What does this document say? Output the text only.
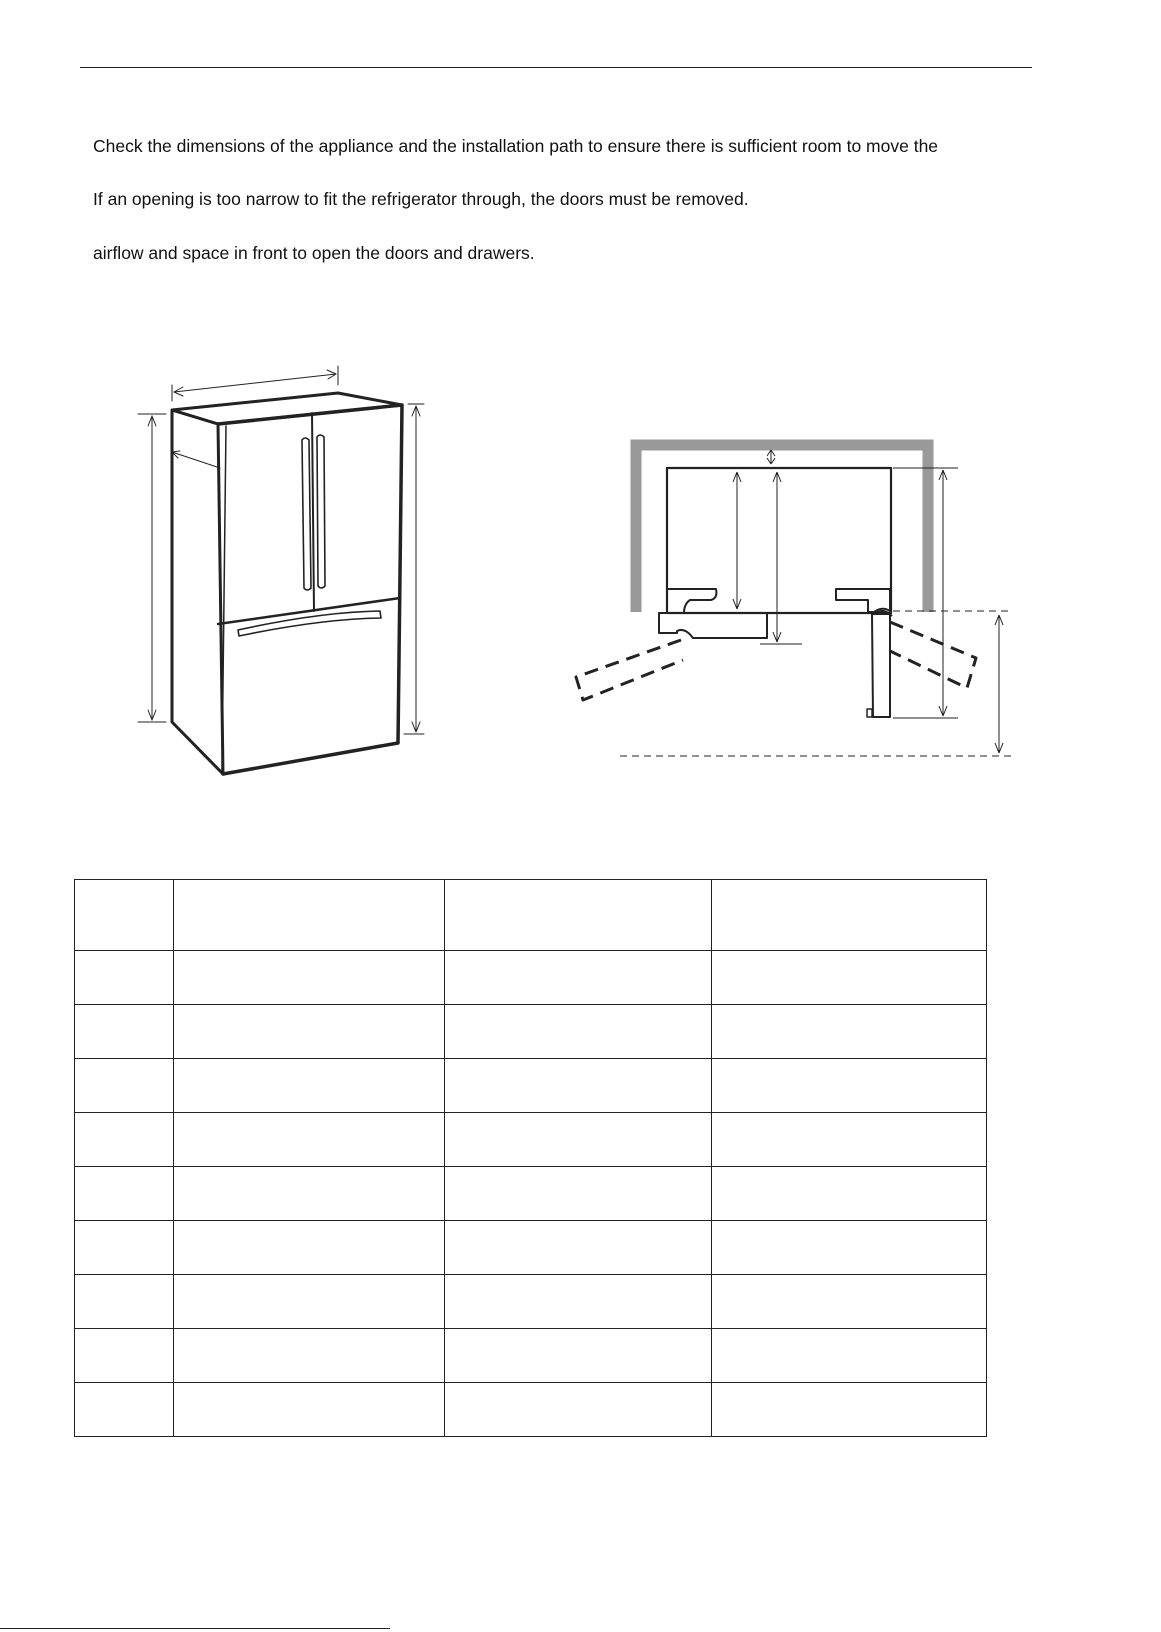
Check the dimensions of the appliance and the installation path to ensure there is sufficient room to move the
If an opening is too narrow to fit the refrigerator through, the doors must be removed.
airflow and space in front to open the doors and drawers.
